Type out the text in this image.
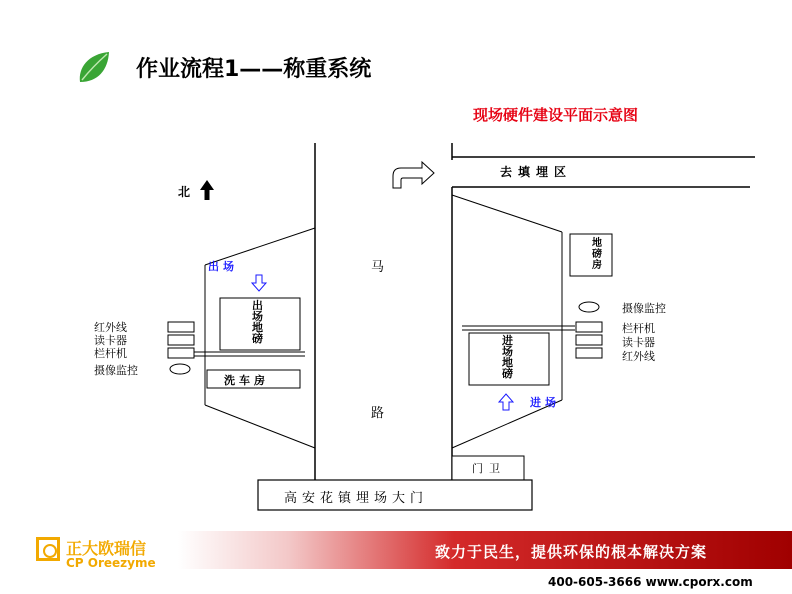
作业流程1——称重系统
现场硬件建设平面示意图
北
马
路
去填埋区
出场
进场
出场地磅	进场地磅
地磅房
洗车房
门卫
高安花镇埋场大门
红外线
读卡器
栏杆机
摄像监控
摄像监控
栏杆机
读卡器
红外线
正大欧瑞信
CP Oreezyme
致力于民生，提供环保的根本解决方案
400-605-3666 www.cporx.com
